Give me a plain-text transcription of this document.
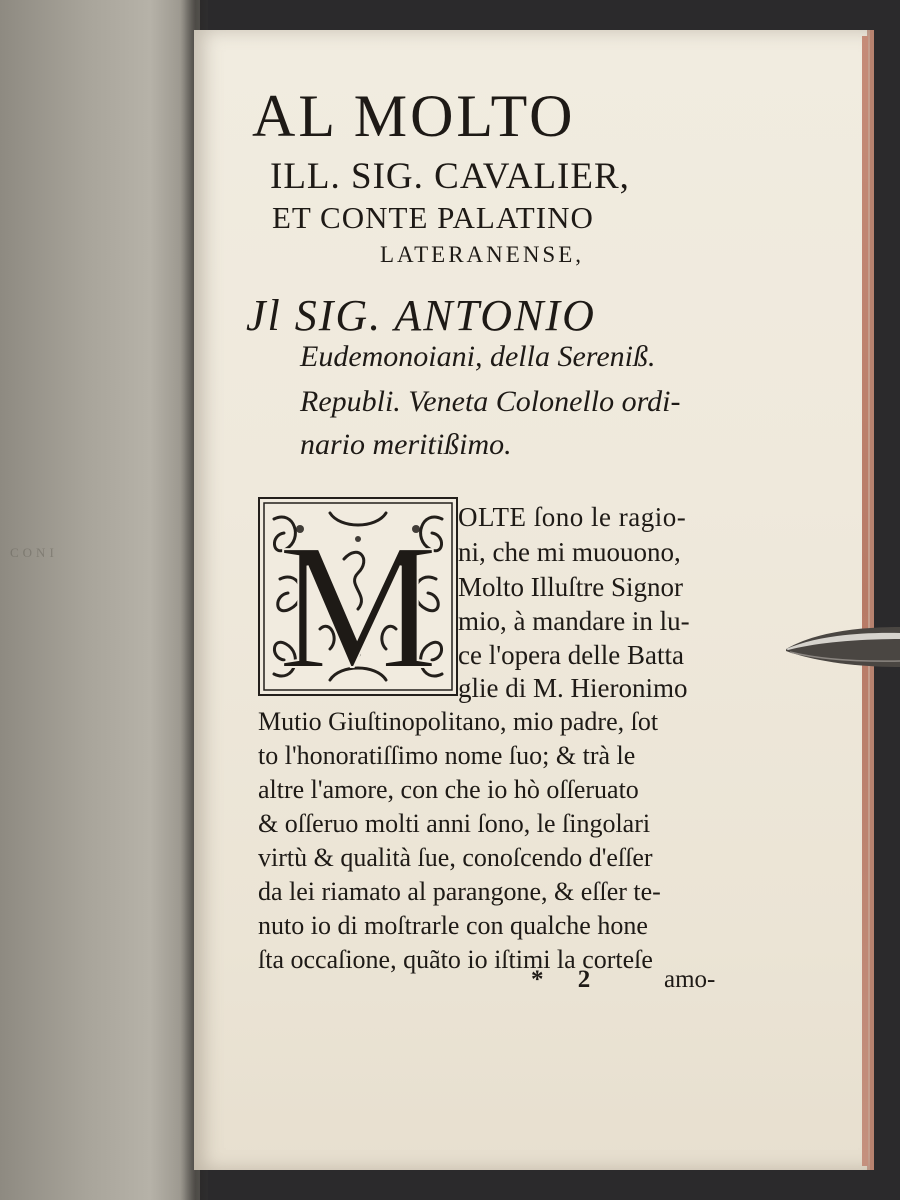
CONI
AL MOLTO
ILL. SIG. CAVALIER,
ET CONTE PALATINO
LATERANENSE,
Jl SIG. ANTONIO
Eudemonoiani, della Sereniß.
Republi. Veneta Colonello ordi-
nario meritißimo.
M OLTE ſono le ragio-
ni, che mi muouono,
Molto Illuſtre Signor
mio, à mandare in lu-
ce l'opera delle Batta
glie di M. Hieronimo
Mutio Giuſtinopolitano, mio padre, ſot
to l'honoratiſſimo nome ſuo; & trà le
altre l'amore, con che io hò oſſeruato
& oſſeruo molti anni ſono, le ſingolari
virtù & qualità ſue, conoſcendo d'eſſer
da lei riamato al parangone, & eſſer te-
nuto io di moſtrarle con qualche hone
ſta occaſione, quãto io iſtimi la corteſe
* 2 amo-
